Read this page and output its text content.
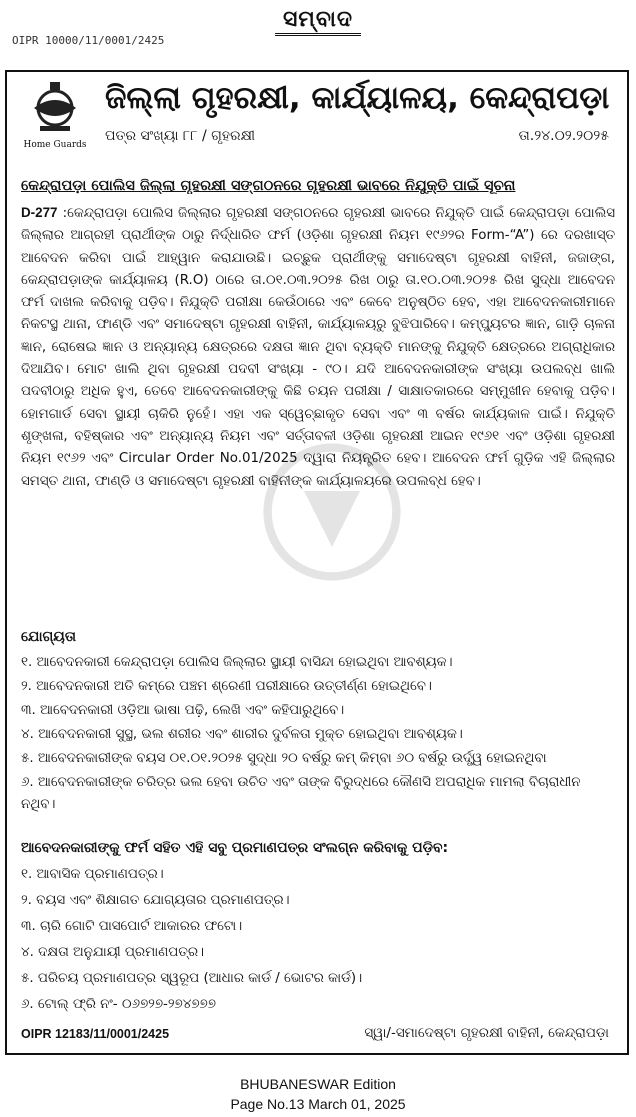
ସମ୍ବାଦ
OIPR 10000/11/0001/2425
Home Guards
ଜିଲ୍ଲା ଗୃହରକ୍ଷୀ, କାର୍ଯ୍ୟାଳୟ, କେନ୍ଦ୍ରାପଡ଼ା
ପତ୍ର ସଂଖ୍ୟା ୮୮ / ଗୃହରକ୍ଷୀ	ତା.୨୪.୦୨.୨୦୨୫
କେନ୍ଦ୍ରାପଡ଼ା ପୋଲିସ ଜିଲ୍ଲା ଗୃହରକ୍ଷୀ ସଙ୍ଗଠନରେ ଗୃହରକ୍ଷୀ ଭାବରେ ନିଯୁକ୍ତି ପାଇଁ ସୂଚନା
D-277 :କେନ୍ଦ୍ରାପଡ଼ା ପୋଲିସ ଜିଲ୍ଲାର ଗୃହରକ୍ଷୀ ସଙ୍ଗଠନରେ ଗୃହରକ୍ଷୀ ଭାବରେ ନିଯୁକ୍ତି ପାଇଁ କେନ୍ଦ୍ରାପଡ଼ା ପୋଲିସ ଜିଲ୍ଲାର ଆଗ୍ରହୀ ପ୍ରାର୍ଥୀଙ୍କ ଠାରୁ ନିର୍ଦ୍ଧାରିତ ଫର୍ମ (ଓଡ଼ିଶା ଗୃହରକ୍ଷୀ ନିୟମ ୧୯୬୨ର Form-“A”) ରେ ଦରଖାସ୍ତ ଆବେଦନ କରିବା ପାଇଁ ଆହ୍ୱାନ କରାଯାଉଛି। ଇଚ୍ଛୁକ ପ୍ରାର୍ଥୀଙ୍କୁ ସମାଦେଷ୍ଟା ଗୃହରକ୍ଷୀ ବାହିନୀ, ଜଜାଙ୍ଗ, କେନ୍ଦ୍ରାପଡ଼ାଙ୍କ କାର୍ଯ୍ୟାଳୟ (R.O) ଠାରେ ତା.୦୧.୦୩.୨୦୨୫ ରିଖ ଠାରୁ ତା.୧୦.୦୩.୨୦୨୫ ରିଖ ସୁଦ୍ଧା ଆବେଦନ ଫର୍ମ ଦାଖଲ କରିବାକୁ ପଡ଼ିବ। ନିଯୁକ୍ତି ପରୀକ୍ଷା କେଉଁଠାରେ ଏବଂ କେବେ ଅନୁଷ୍ଠିତ ହେବ, ଏହା ଆବେଦନକାରୀମାନେ ନିକଟସ୍ଥ ଥାନା, ଫାଣ୍ଡି ଏବଂ ସମାଦେଷ୍ଟା ଗୃହରକ୍ଷୀ ବାହିନୀ, କାର୍ଯ୍ୟାଳୟରୁ ବୁଝିପାରିବେ। କମ୍ପ୍ୟୁଟର ଜ୍ଞାନ, ଗାଡ଼ି ଚାଳନା ଜ୍ଞାନ, ରୋଷେଇ ଜ୍ଞାନ ଓ ଅନ୍ୟାନ୍ୟ କ୍ଷେତ୍ରରେ ଦକ୍ଷତା ଜ୍ଞାନ ଥିବା ବ୍ୟକ୍ତି ମାନଙ୍କୁ ନିଯୁକ୍ତି କ୍ଷେତ୍ରରେ ଅଗ୍ରାଧିକାର ଦିଆଯିବ। ମୋଟ ଖାଲି ଥିବା ଗୃହରକ୍ଷୀ ପଦବୀ ସଂଖ୍ୟା - ୯୦। ଯଦି ଆବେଦନକାରୀଙ୍କ ସଂଖ୍ୟା ଉପଲବ୍ଧ ଖାଲି ପଦବୀଠାରୁ ଅଧିକ ହୁଏ, ତେବେ ଆବେଦନକାରୀଙ୍କୁ କିଛି ଚୟନ ପରୀକ୍ଷା / ସାକ୍ଷାତକାରରେ ସମ୍ମୁଖୀନ ହେବାକୁ ପଡ଼ିବ। ହୋମଗାର୍ଡ ସେବା ସ୍ଥାୟୀ ଚାକିରି ନୁହେଁ। ଏହା ଏକ ସ୍ୱେଚ୍ଛାକୃତ ସେବା ଏବଂ ୩ ବର୍ଷର କାର୍ଯ୍ୟକାଳ ପାଇଁ। ନିଯୁକ୍ତି ଶୃଙ୍ଖଳା, ବହିଷ୍କାର ଏବଂ ଅନ୍ୟାନ୍ୟ ନିୟମ ଏବଂ ସର୍ତ୍ତାବଳୀ ଓଡ଼ିଶା ଗୃହରକ୍ଷୀ ଆଇନ ୧୯୬୧ ଏବଂ ଓଡ଼ିଶା ଗୃହରକ୍ଷୀ ନିୟମ ୧୯୬୨ ଏବଂ Circular Order No.01/2025 ଦ୍ୱାରା ନିୟନ୍ତ୍ରିତ ହେବ। ଆବେଦନ ଫର୍ମ ଗୁଡ଼ିକ ଏହି ଜିଲ୍ଲାର ସମସ୍ତ ଥାନା, ଫାଣ୍ଡି ଓ ସମାଦେଷ୍ଟା ଗୃହରକ୍ଷୀ ବାହିନୀଙ୍କ କାର୍ଯ୍ୟାଳୟରେ ଉପଲବ୍ଧ ହେବ।
ଯୋଗ୍ୟତା
୧. ଆବେଦନକାରୀ କେନ୍ଦ୍ରାପଡ଼ା ପୋଲିସ ଜିଲ୍ଲାର ସ୍ଥାୟୀ ବାସିନ୍ଦା ହୋଇଥିବା ଆବଶ୍ୟକ।
୨. ଆବେଦନକାରୀ ଅତି କମ୍‌ରେ ପଞ୍ଚମ ଶ୍ରେଣୀ ପରୀକ୍ଷାରେ ଉତ୍ତୀର୍ଣ୍ଣ ହୋଇଥିବେ।
୩. ଆବେଦନକାରୀ ଓଡ଼ିଆ ଭାଷା ପଢ଼ି, ଲେଖି ଏବଂ କହିପାରୁଥିବେ।
୪. ଆବେଦନକାରୀ ସୁସ୍ଥ, ଭଲ ଶରୀର ଏବଂ ଶାରୀର ଦୁର୍ବଳତା ମୁକ୍ତ ହୋଇଥିବା ଆବଶ୍ୟକ।
୫. ଆବେଦନକାରୀଙ୍କ ବୟସ ୦୧.୦୧.୨୦୨୫ ସୁଦ୍ଧା ୨୦ ବର୍ଷରୁ କମ୍ କିମ୍ବା ୬୦ ବର୍ଷରୁ ଉର୍ଦ୍ଧ୍ୱ ହୋଇନଥିବା
୬. ଆବେଦନକାରୀଙ୍କ ଚରିତ୍ର ଭଲ ହେବା ଉଚିତ ଏବଂ ତାଙ୍କ ବିରୁଦ୍ଧରେ କୌଣସି ଅପରାଧିକ ମାମଲା ବିଚାରାଧୀନ ନଥିବ।
ଆବେଦନକାରୀଙ୍କୁ ଫର୍ମ ସହିତ ଏହି ସବୁ ପ୍ରମାଣପତ୍ର ସଂଲଗ୍ନ କରିବାକୁ ପଡ଼ିବ:
୧. ଆବାସିକ ପ୍ରମାଣପତ୍ର।
୨. ବୟସ ଏବଂ ଶିକ୍ଷାଗତ ଯୋଗ୍ୟତାର ପ୍ରମାଣପତ୍ର।
୩. ଚାରି ଗୋଟି ପାସପୋର୍ଟ ଆକାରର ଫଟୋ।
୪. ଦକ୍ଷତା ଅନୁଯାୟୀ ପ୍ରମାଣପତ୍ର।
୫. ପରିଚୟ ପ୍ରମାଣପତ୍ର ସ୍ୱରୂପ (ଆଧାର କାର୍ଡ / ଭୋଟର କାର୍ଡ)।
୬. ଟୋଲ୍ ଫ୍ରି ନଂ- ୦୬୭୨୭-୨୭୪୭୭୭
OIPR 12183/11/0001/2425	ସ୍ୱା/-ସମାଦେଷ୍ଟା ଗୃହରକ୍ଷୀ ବାହିନୀ, କେନ୍ଦ୍ରାପଡ଼ା
BHUBANESWAR Edition
Page No.13 March 01, 2025
